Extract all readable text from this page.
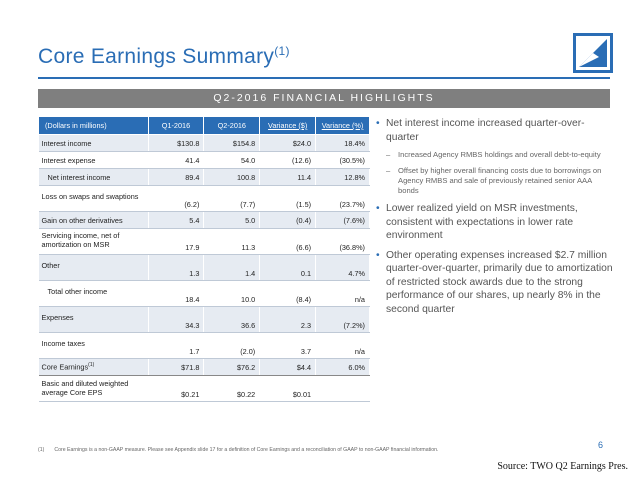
Core Earnings Summary$^{(1)}$
Q2-2016 FINANCIAL HIGHLIGHTS
(Dollars in millions)	Q1-2016	Q2-2016	Variance ($)	Variance (%)
Interest income	$130.8	$154.8	$24.0	18.4%
Interest expense	41.4	54.0	(12.6)	(30.5%)
Net interest income	89.4	100.8	11.4	12.8%
Loss on swaps and swaptions	(6.2)	(7.7)	(1.5)	(23.7%)
Gain on other derivatives	5.4	5.0	(0.4)	(7.6%)
Servicing income, net of amortization on MSR	17.9	11.3	(6.6)	(36.8%)
Other	1.3	1.4	0.1	4.7%
Total other income	18.4	10.0	(8.4)	n/a
Expenses	34.3	36.6	2.3	(7.2%)
Income taxes	1.7	(2.0)	3.7	n/a
Core Earnings$^{(1)}$	$71.8	$76.2	$4.4	6.0%
Basic and diluted weighted average Core EPS	$0.21	$0.22	$0.01	
• Net interest income increased quarter-over-quarter
– Increased Agency RMBS holdings and overall debt-to-equity
– Offset by higher overall financing costs due to borrowings on Agency RMBS and sale of previously retained senior AAA bonds
• Lower realized yield on MSR investments, consistent with expectations in lower rate environment
• Other operating expenses increased $2.7 million quarter-over-quarter, primarily due to amortization of restricted stock awards due to the strong performance of our shares, up nearly 8% in the second quarter
(1) Core Earnings is a non-GAAP measure. Please see Appendix slide 17 for a definition of Core Earnings and a reconciliation of GAAP to non-GAAP financial information.	6
Source: TWO Q2 Earnings Pres.
